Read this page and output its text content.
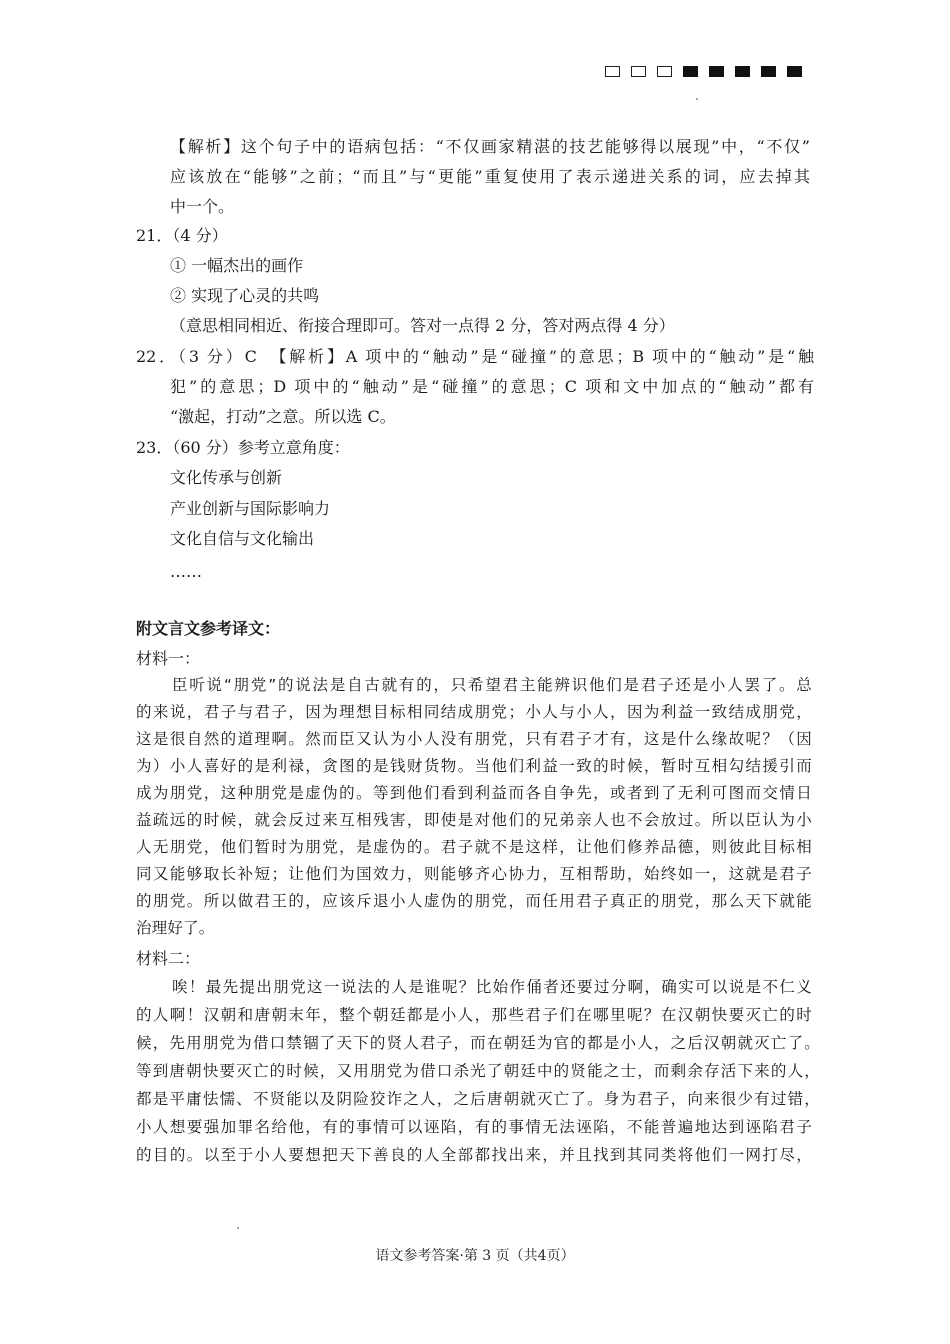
【解析】这个句子中的语病包括：“不仅画家精湛的技艺能够得以展现”中，“不仅”
应该放在“能够”之前；“而且”与“更能”重复使用了表示递进关系的词，应去掉其
中一个。
21．（4 分）
① 一幅杰出的画作
② 实现了心灵的共鸣
（意思相同相近、衔接合理即可。答对一点得 2 分，答对两点得 4 分）
22．（3 分）C　【解析】A 项中的“触动”是“碰撞”的意思；B 项中的“触动”是“触
犯”的意思；D 项中的“触动”是“碰撞”的意思；C 项和文中加点的“触动”都有
“激起，打动”之意。所以选 C。
23．（60 分）参考立意角度：
文化传承与创新
产业创新与国际影响力
文化自信与文化输出
……
附文言文参考译文：
材料一：
臣听说“朋党”的说法是自古就有的，只希望君主能辨识他们是君子还是小人罢了。总
的来说，君子与君子，因为理想目标相同结成朋党；小人与小人，因为利益一致结成朋党，
这是很自然的道理啊。然而臣又认为小人没有朋党，只有君子才有，这是什么缘故呢？（因
为）小人喜好的是利禄，贪图的是钱财货物。当他们利益一致的时候，暂时互相勾结援引而
成为朋党，这种朋党是虚伪的。等到他们看到利益而各自争先，或者到了无利可图而交情日
益疏远的时候，就会反过来互相残害，即使是对他们的兄弟亲人也不会放过。所以臣认为小
人无朋党，他们暂时为朋党，是虚伪的。君子就不是这样，让他们修养品德，则彼此目标相
同又能够取长补短；让他们为国效力，则能够齐心协力，互相帮助，始终如一，这就是君子
的朋党。所以做君王的，应该斥退小人虚伪的朋党，而任用君子真正的朋党，那么天下就能
治理好了。
材料二：
唉！最先提出朋党这一说法的人是谁呢？比始作俑者还要过分啊，确实可以说是不仁义
的人啊！汉朝和唐朝末年，整个朝廷都是小人，那些君子们在哪里呢？在汉朝快要灭亡的时
候，先用朋党为借口禁锢了天下的贤人君子，而在朝廷为官的都是小人，之后汉朝就灭亡了。
等到唐朝快要灭亡的时候，又用朋党为借口杀光了朝廷中的贤能之士，而剩余存活下来的人，
都是平庸怯懦、不贤能以及阴险狡诈之人，之后唐朝就灭亡了。身为君子，向来很少有过错，
小人想要强加罪名给他，有的事情可以诬陷，有的事情无法诬陷，不能普遍地达到诬陷君子
的目的。以至于小人要想把天下善良的人全部都找出来，并且找到其同类将他们一网打尽，
语文参考答案·第 3 页（共4页）
